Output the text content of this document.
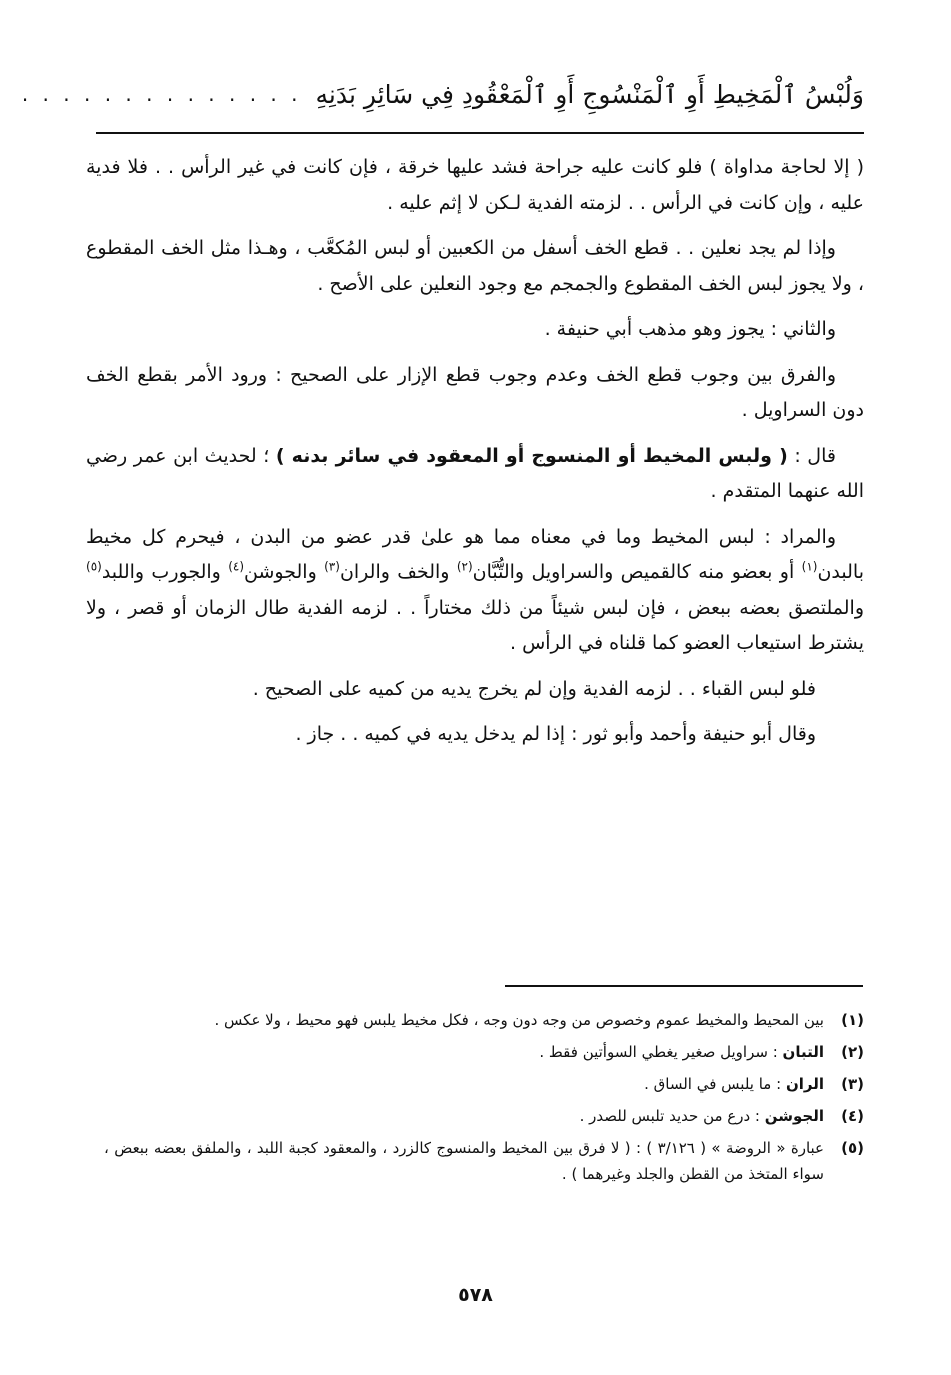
وَلُبْسُ ٱلْمَخِيطِ أَوِ ٱلْمَنْسُوجِ أَوِ ٱلْمَعْقُودِ فِي سَائِرِ بَدَنِهِ
. . . . . . . . . . . . . .

( إلا لحاجة مداواة ) فلو كانت عليه جراحة فشد عليها خرقة ، فإن كانت في غير الرأس . . فلا فدية عليه ، وإن كانت في الرأس . . لزمته الفدية لـكن لا إثم عليه .

وإذا لم يجد نعلين . . قطع الخف أسفل من الكعبين أو لبس المُكعَّب ، وهـذا مثل الخف المقطوع ، ولا يجوز لبس الخف المقطوع والجمجم مع وجود النعلين على الأصح .

والثاني : يجوز وهو مذهب أبي حنيفة .

والفرق بين وجوب قطع الخف وعدم وجوب قطع الإزار على الصحيح : ورود الأمر بقطع الخف دون السراويل .

قال : ( ولبس المخيط أو المنسوج أو المعقود في سائر بدنه ) ؛ لحديث ابن عمر رضي الله عنهما المتقدم .

والمراد : لبس المخيط وما في معناه مما هو علىٰ قدر عضو من البدن ، فيحرم كل مخيط بالبدن$^{(١)}$ أو بعضو منه كالقميص والسراويل والتُّبَّان$^{(٢)}$ والخف والران$^{(٣)}$ والجوشن$^{(٤)}$ والجورب واللبد$^{(٥)}$ والملتصق بعضه ببعض ، فإن لبس شيئاً من ذلك مختاراً . . لزمه الفدية طال الزمان أو قصر ، ولا يشترط استيعاب العضو كما قلناه في الرأس .

فلو لبس القباء . . لزمه الفدية وإن لم يخرج يديه من كميه على الصحيح .

وقال أبو حنيفة وأحمد وأبو ثور : إذا لم يدخل يديه في كميه . . جاز .

(١)
بين المحيط والمخيط عموم وخصوص من وجه دون وجه ، فكل مخيط يلبس فهو محيط ، ولا عكس .
(٢)
التبان : سراويل صغير يغطي السوأتين فقط .
(٣)
الران : ما يلبس في الساق .
(٤)
الجوشن : درع من حديد تلبس للصدر .
(٥)
عبارة « الروضة » ( ٣/١٢٦ ) : ( لا فرق بين المخيط والمنسوج كالزرد ، والمعقود كجبة اللبد ، والملفق بعضه ببعض ، سواء المتخذ من القطن والجلد وغيرهما ) .
٥٧٨
